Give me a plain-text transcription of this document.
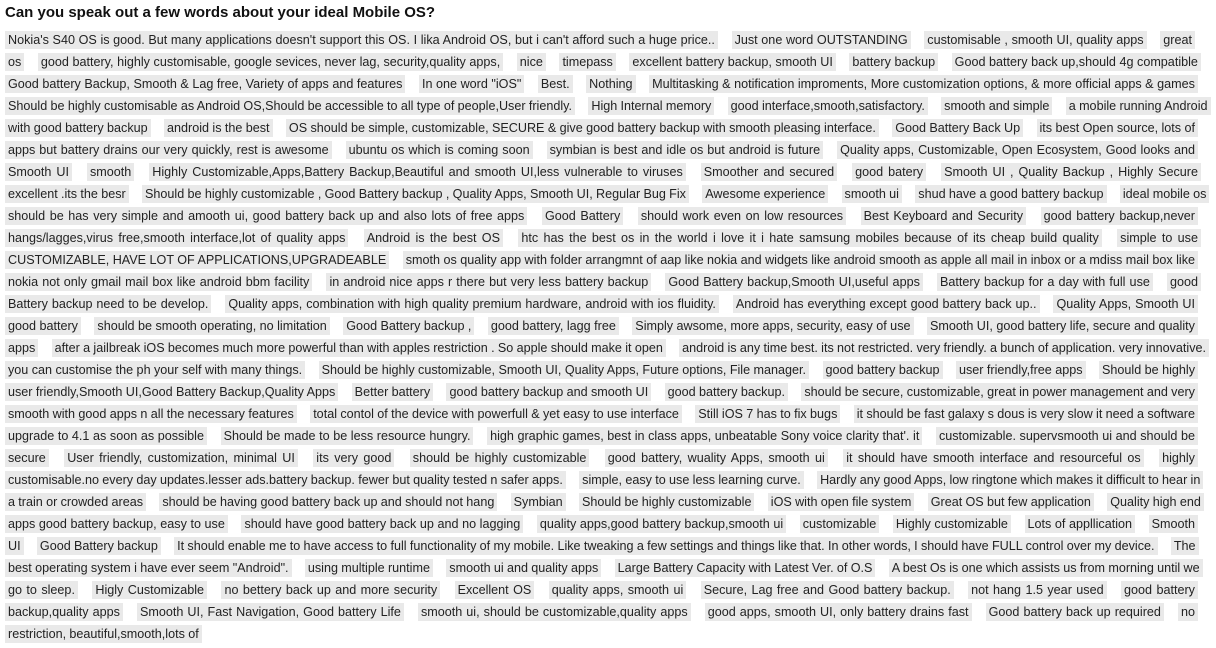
Can you speak out a few words about your ideal Mobile OS?
Nokia's S40 OS is good. But many applications doesn't support this OS. I lika Android OS, but i can't afford such a huge price.. Just one word OUTSTANDING customisable , smooth UI, quality apps great os good battery, highly customisable, google sevices, never lag, security,quality apps, nice timepass excellent battery backup, smooth UI battery backup Good battery back up,should 4g compatible Good battery Backup, Smooth & Lag free, Variety of apps and features In one word "iOS" Best. Nothing Multitasking & notification improments, More customization options, & more official apps & games Should be highly customisable as Android OS,Should be accessible to all type of people,User friendly. High Internal memory good interface,smooth,satisfactory. smooth and simple a mobile running Android with good battery backup android is the best OS should be simple, customizable, SECURE & give good battery backup with smooth pleasing interface. Good Battery Back Up its best Open source, lots of apps but battery drains our very quickly, rest is awesome ubuntu os which is coming soon symbian is best and idle os but android is future Quality apps, Customizable, Open Ecosystem, Good looks and Smooth UI smooth Highly Customizable,Apps,Battery Backup,Beautiful and smooth UI,less vulnerable to viruses Smoother and secured good batery Smooth UI , Quality Backup , Highly Secure excellent .its the besr Should be highly customizable , Good Battery backup , Quality Apps, Smooth UI, Regular Bug Fix Awesome experience smooth ui shud have a good battery backup ideal mobile os should be has very simple and amooth ui, good battery back up and also lots of free apps Good Battery should work even on low resources Best Keyboard and Security good battery backup,never hangs/lagges,virus free,smooth interface,lot of quality apps Android is the best OS htc has the best os in the world i love it i hate samsung mobiles because of its cheap build quality simple to use CUSTOMIZABLE, HAVE LOT OF APPLICATIONS,UPGRADEABLE smoth os quality app with folder arrangmnt of aap like nokia and widgets like android smooth as apple all mail in inbox or a mdiss mail box like nokia not only gmail mail box like android bbm facility in android nice apps r there but very less battery backup Good Battery backup,Smooth UI,useful apps Battery backup for a day with full use good Battery backup need to be develop. Quality apps, combination with high quality premium hardware, android with ios fluidity. Android has everything except good battery back up.. Quality Apps, Smooth UI good battery should be smooth operating, no limitation Good Battery backup , good battery, lagg free Simply awsome, more apps, security, easy of use Smooth UI, good battery life, secure and quality apps after a jailbreak iOS becomes much more powerful than with apples restriction . So apple should make it open android is any time best. its not restricted. very friendly. a bunch of application. very innovative. you can customise the ph your self with many things. Should be highly customizable, Smooth UI, Quality Apps, Future options, File manager. good battery backup user friendly,free apps Should be highly user friendly,Smooth UI,Good Battery Backup,Quality Apps Better battery good battery backup and smooth UI good battery backup. should be secure, customizable, great in power management and very smooth with good apps n all the necessary features total contol of the device with powerfull & yet easy to use interface Still iOS 7 has to fix bugs it should be fast galaxy s dous is very slow it need a software upgrade to 4.1 as soon as possible Should be made to be less resource hungry. high graphic games, best in class apps, unbeatable Sony voice clarity that'. it customizable. supervsmooth ui and should be secure User friendly, customization, minimal UI its very good should be highly customizable good battery, wuality Apps, smooth ui it should have smooth interface and resourceful os highly customisable.no every day updates.lesser ads.battery backup. fewer but quality tested n safer apps. simple, easy to use less learning curve. Hardly any good Apps, low ringtone which makes it difficult to hear in a train or crowded areas should be having good battery back up and should not hang Symbian Should be highly customizable iOS with open file system Great OS but few application Quality high end apps good battery backup, easy to use should have good battery back up and no lagging quality apps,good battery backup,smooth ui customizable Highly customizable Lots of appllication Smooth UI Good Battery backup It should enable me to have access to full functionality of my mobile. Like tweaking a few settings and things like that. In other words, I should have FULL control over my device. The best operating system i have ever seem "Android". using multiple runtime smooth ui and quality apps Large Battery Capacity with Latest Ver. of O.S A best Os is one which assists us from morning until we go to sleep. Higly Customizable no bettery back up and more security Excellent OS quality apps, smooth ui Secure, Lag free and Good battery backup. not hang 1.5 year used good battery backup,quality apps Smooth UI, Fast Navigation, Good battery Life smooth ui, should be customizable,quality apps good apps, smooth UI, only battery drains fast Good battery back up required no restriction, beautiful,smooth,lots of
